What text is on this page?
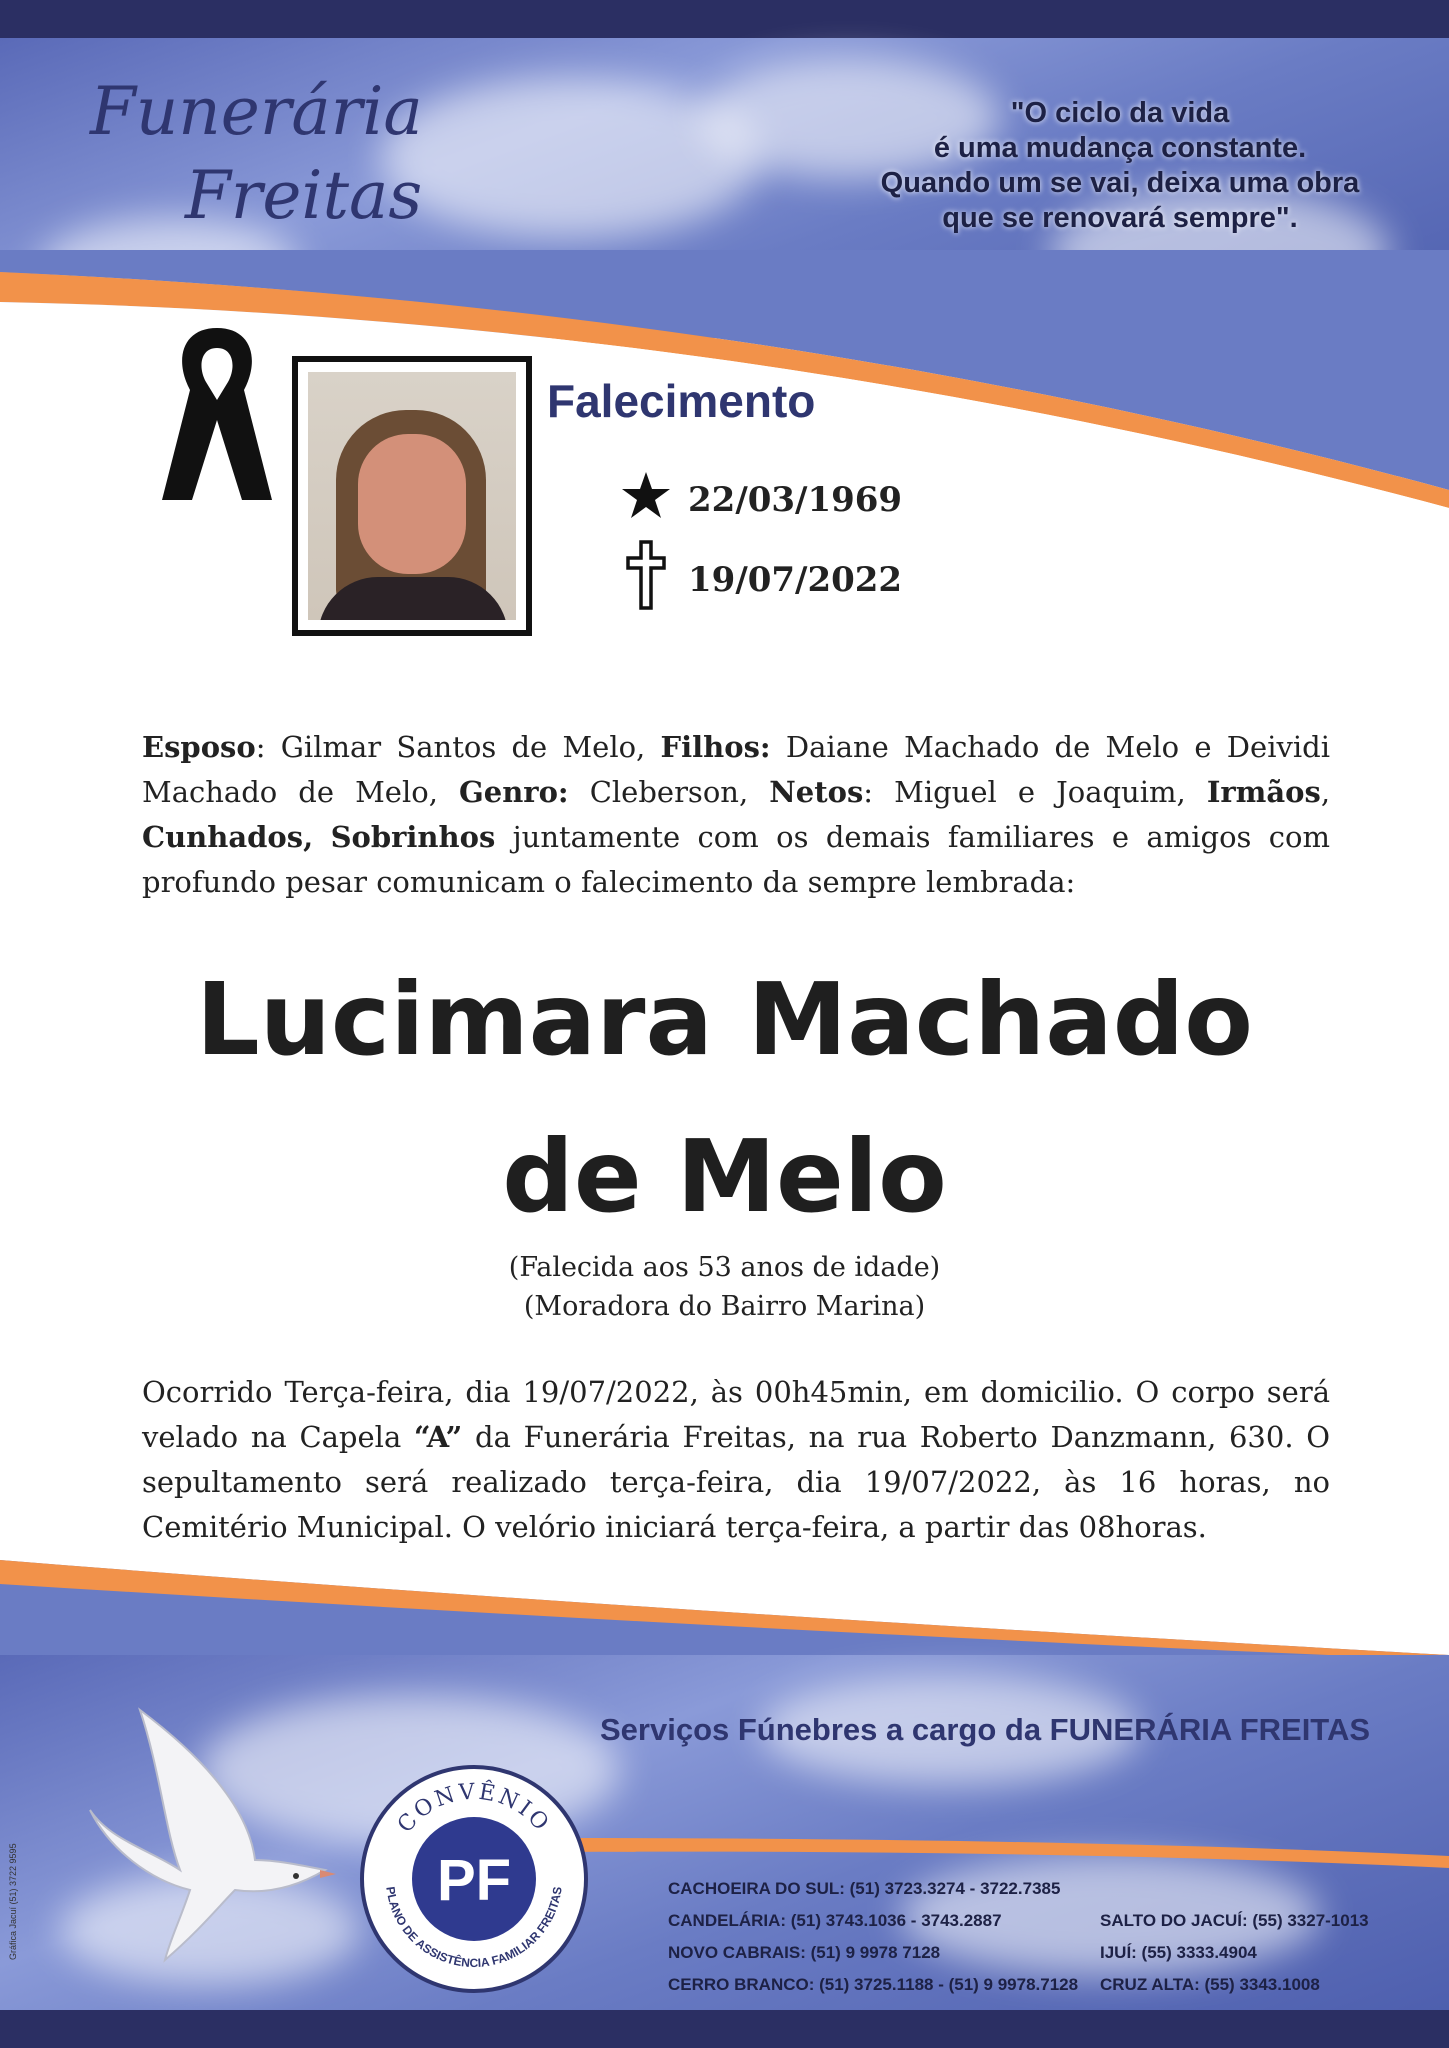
Funerária
Freitas
"O ciclo da vida
é uma mudança constante.
Quando um se vai, deixa uma obra
que se renovará sempre".
Falecimento
22/03/1969
19/07/2022
Esposo: Gilmar Santos de Melo, Filhos: Daiane Machado de Melo e Deividi Machado de Melo, Genro: Cleberson, Netos: Miguel e Joaquim, Irmãos, Cunhados, Sobrinhos juntamente com os demais familiares e amigos com profundo pesar comunicam o falecimento da sempre lembrada:
Lucimara Machado
de Melo
(Falecida aos 53 anos de idade)
(Moradora do Bairro Marina)
Ocorrido Terça-feira, dia 19/07/2022, às 00h45min, em domicilio. O corpo será velado na Capela “A” da Funerária Freitas, na rua Roberto Danzmann, 630. O sepultamento será realizado terça-feira, dia 19/07/2022, às 16 horas, no Cemitério Municipal. O velório iniciará terça-feira, a partir das 08horas.
Serviços Fúnebres a cargo da FUNERÁRIA FREITAS
CONVÊNIO
PLANO DE ASSISTÊNCIA FAMILIAR FREITAS
PF	CACHOEIRA DO SUL: (51) 3723.3274 - 3722.7385
CANDELÁRIA: (51) 3743.1036 - 3743.2887
NOVO CABRAIS: (51) 9 9978 7128
CERRO BRANCO: (51) 3725.1188 - (51) 9 9978.7128
SALTO DO JACUÍ: (55) 3327-1013
IJUÍ: (55) 3333.4904
CRUZ ALTA: (55) 3343.1008
Gráfica Jacuí (51) 3722 9595
